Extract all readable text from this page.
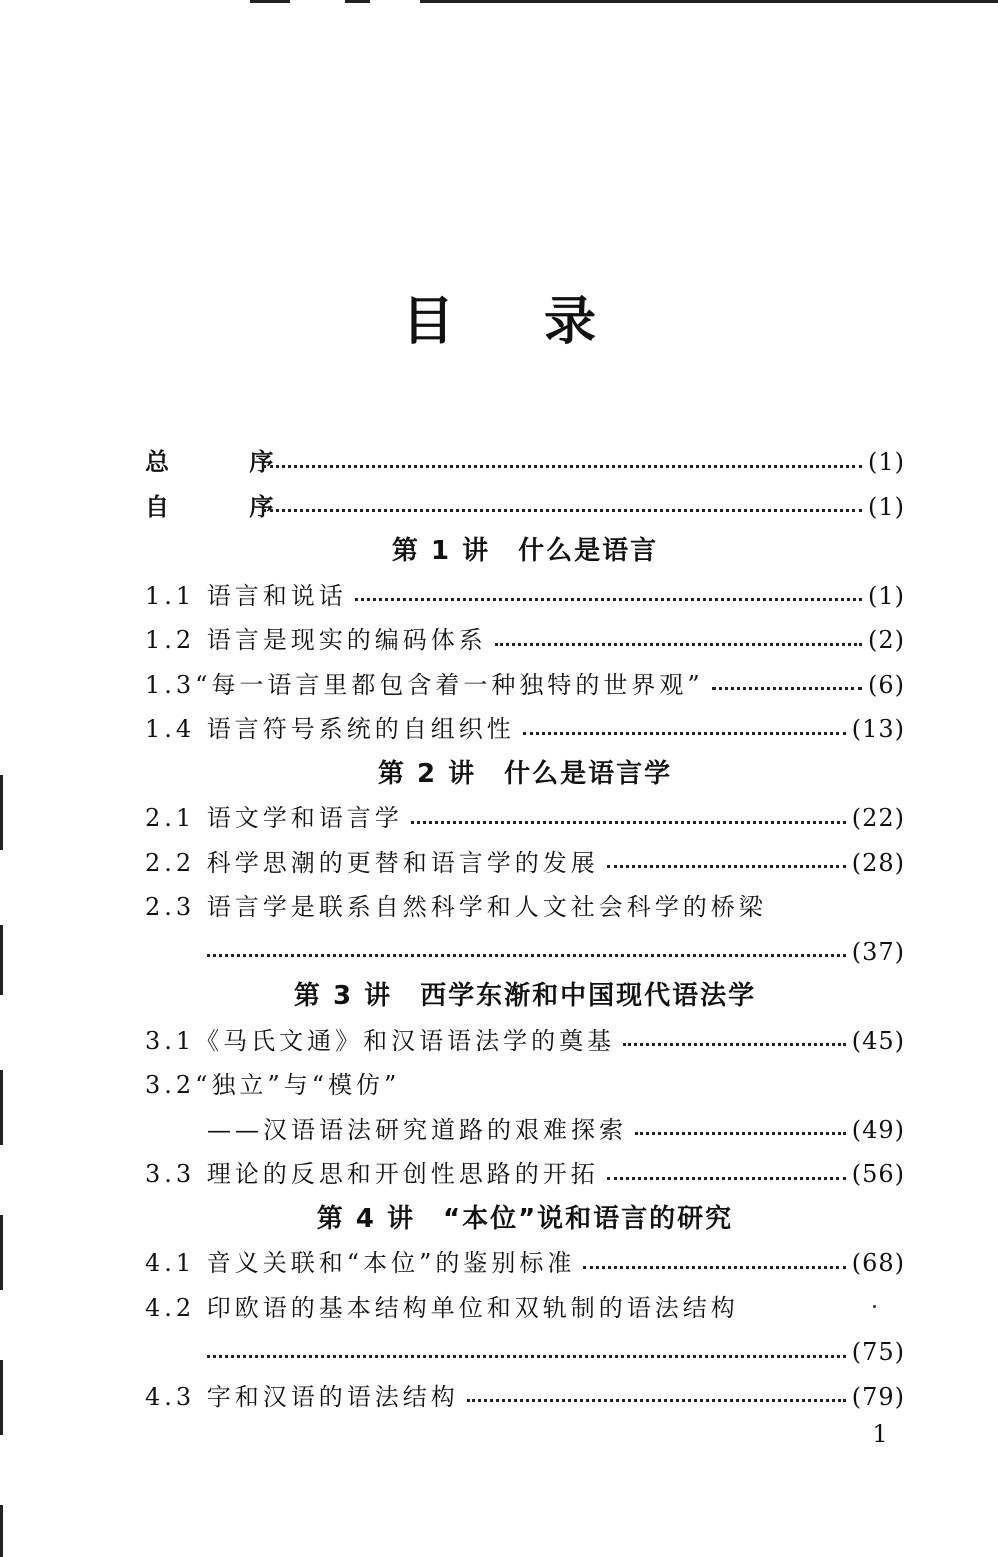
目 录
总 序	(1)
自 序	(1)
第 1 讲 什么是语言
1.1 语言和说话	(1)
1.2 语言是现实的编码体系	(2)
1.3“每一语言里都包含着一种独特的世界观”	(6)
1.4 语言符号系统的自组织性	(13)
第 2 讲 什么是语言学
2.1 语文学和语言学	(22)
2.2 科学思潮的更替和语言学的发展	(28)
2.3 语言学是联系自然科学和人文社会科学的桥梁
(37)
第 3 讲 西学东渐和中国现代语法学
3.1《马氏文通》和汉语语法学的奠基	(45)
3.2“独立”与“模仿”
——汉语语法研究道路的艰难探索	(49)
3.3 理论的反思和开创性思路的开拓	(56)
第 4 讲 “本位”说和语言的研究
4.1 音义关联和“本位”的鉴别标准	(68)
4.2 印欧语的基本结构单位和双轨制的语法结构
(75)
4.3 字和汉语的语法结构	(79)
1
